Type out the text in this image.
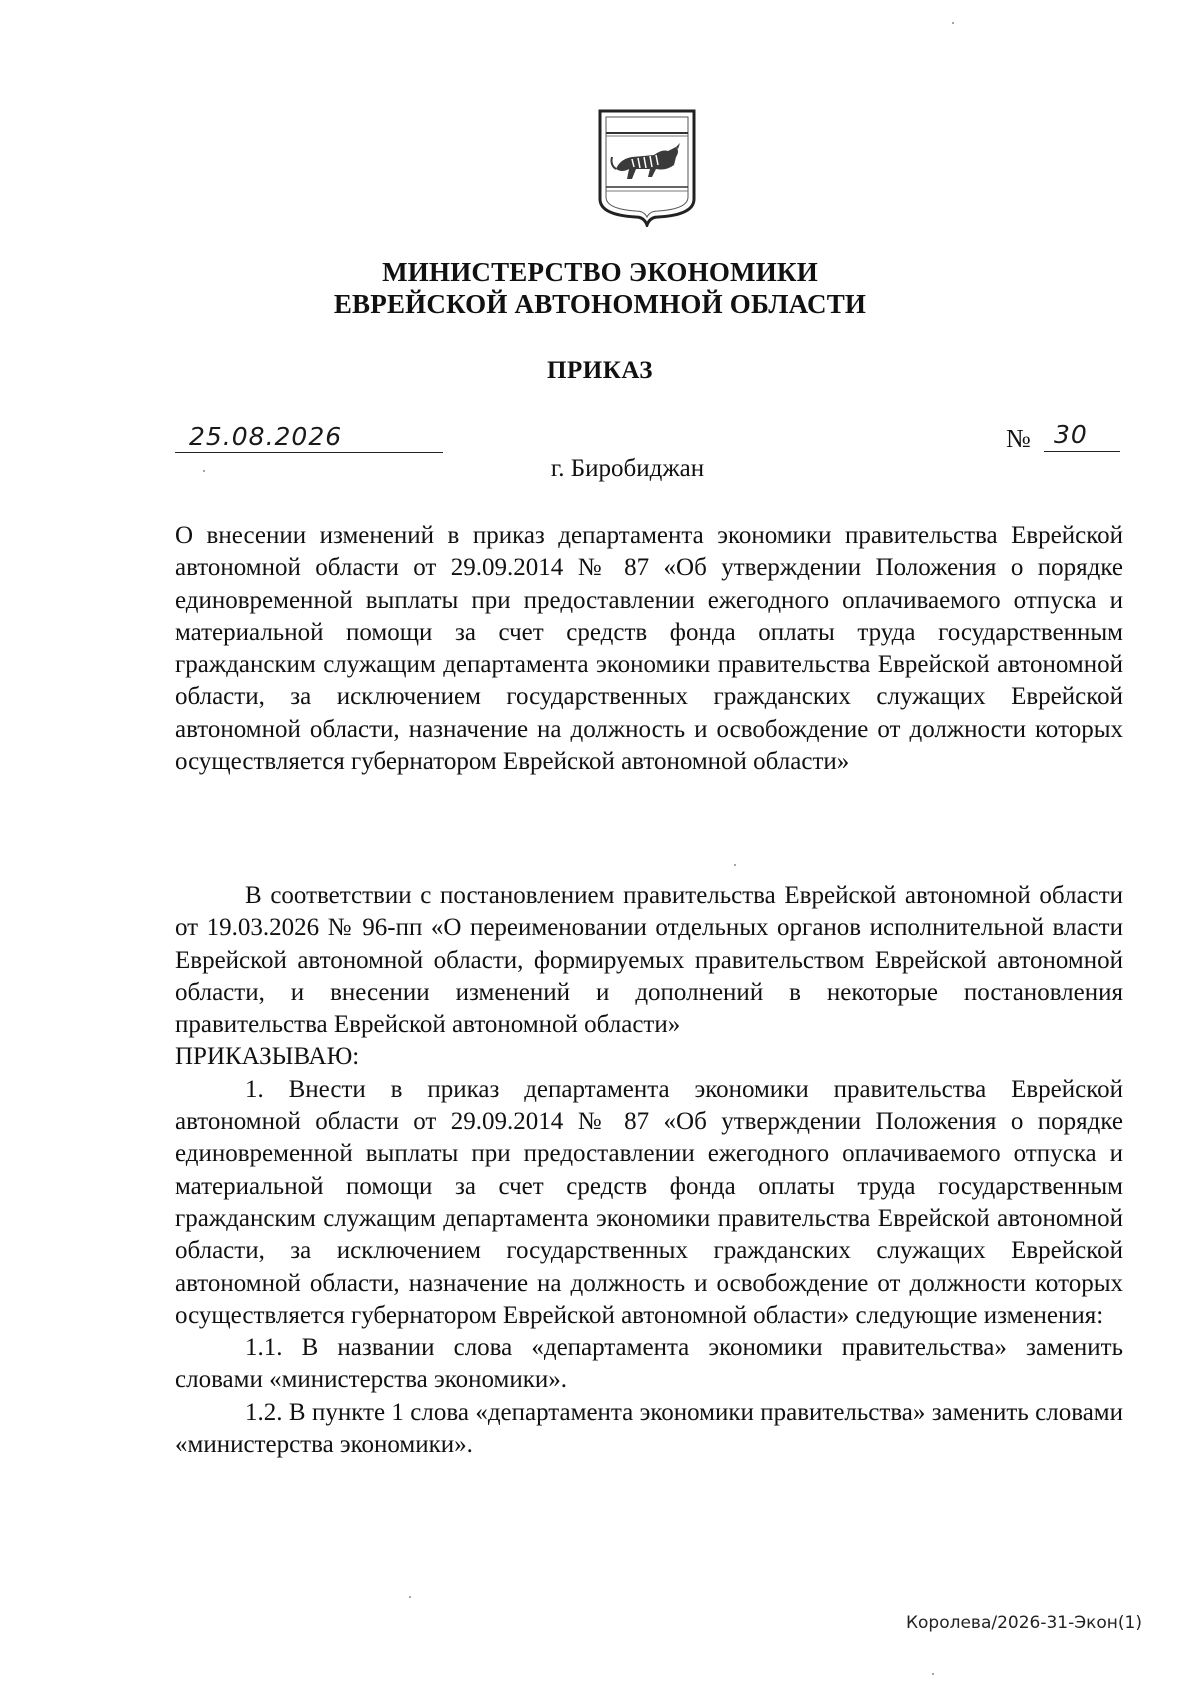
МИНИСТЕРСТВО ЭКОНОМИКИ
ЕВРЕЙСКОЙ АВТОНОМНОЙ ОБЛАСТИ
ПРИКАЗ
25.08.2026	№ 30
г. Биробиджан
О внесении изменений в приказ департамента экономики правительства Еврейской автономной области от 29.09.2014 № 87 «Об утверждении Положения о порядке единовременной выплаты при предоставлении ежегодного оплачиваемого отпуска и материальной помощи за счет средств фонда оплаты труда государственным гражданским служащим департамента экономики правительства Еврейской автономной области, за исключением государственных гражданских служащих Еврейской автономной области, назначение на должность и освобождение от должности которых осуществляется губернатором Еврейской автономной области»

В соответствии с постановлением правительства Еврейской автономной области от 19.03.2026 № 96-пп «О переименовании отдельных органов исполнительной власти Еврейской автономной области, формируемых правительством Еврейской автономной области, и внесении изменений и дополнений в некоторые постановления правительства Еврейской автономной области»

ПРИКАЗЫВАЮ:

1. Внести в приказ департамента экономики правительства Еврейской автономной области от 29.09.2014 № 87 «Об утверждении Положения о порядке единовременной выплаты при предоставлении ежегодного оплачиваемого отпуска и материальной помощи за счет средств фонда оплаты труда государственным гражданским служащим департамента экономики правительства Еврейской автономной области, за исключением государственных гражданских служащих Еврейской автономной области, назначение на должность и освобождение от должности которых осуществляется губернатором Еврейской автономной области» следующие изменения:

1.1. В названии слова «департамента экономики правительства» заменить словами «министерства экономики».

1.2. В пункте 1 слова «департамента экономики правительства» заменить словами «министерства экономики».

Королева/2026-31-Экон(1)
